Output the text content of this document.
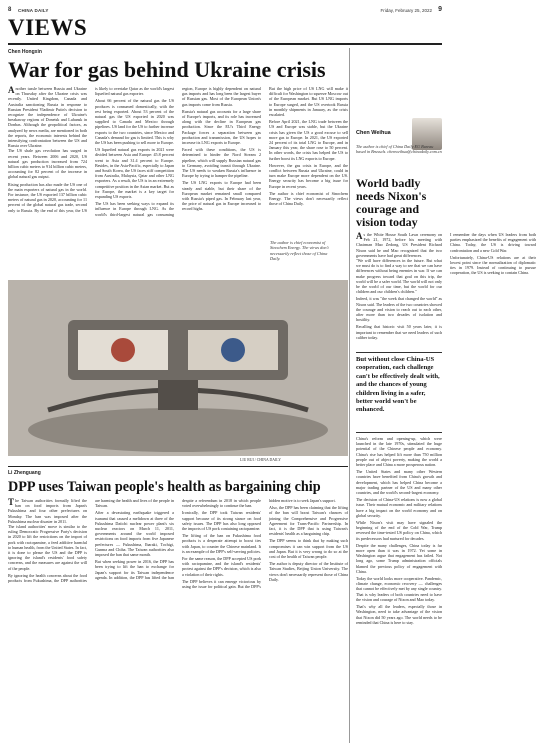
8 CHINA DAILY	Friday, February 25, 2022 9
VIEWS
Chen Hongxin
War for gas behind Ukraine crisis
A nother tussle between Russia and Ukraine on Thursday after the Ukraine crisis was recently. United Kingdom, Canada and Australia sanctioning Russia in response to Russian President Vladimir Putin's decision to recognize the independence of Ukraine's breakaway regions of Donetsk and Luhansk in Donbas. Although the geopolitical factors, as analyzed by news media, are mentioned in both the reports, the economic interests behind the intensifying confrontation between the US and Russia over Ukraine.

The US shale gas revolution has surged in recent years. Between 2006 and 2020, US natural gas production increased from 724 billion cubic meters to 914 billion cubic meters, accounting for 82 percent of the increase in global natural gas output.

Rising production has also made the US one of the main exporters of natural gas in the world. For instance, the US exported 137 billion cubic meters of natural gas in 2020, accounting for 11 percent of the global natural gas trade, second only to Russia. By the end of this year, the US is likely to overtake Qatar as the world's largest liquefied natural gas exporter.

About 66 percent of the natural gas the US produces is consumed domestically, with the rest being exported. About 53 percent of the natural gas the US exported in 2020 was supplied to Canada and Mexico through pipelines. US land for the US to further increase exports to the two countries, since Mexico and Canada's demand for gas is limited. This is why the US has been pushing to sell more to Europe.

US liquefied natural gas exports in 2021 were divided between Asia and Europe: 45.8 percent went to Asia and 31.4 percent to Europe. Besides, in the Asia-Pacific, especially to Japan and South Korea, the US faces stiff competition from Australia, Malaysia, Qatar and other LNG exporters. As a result, the US is in an extremely competitive position in the Asian market. But as for Europe, the market is a key target for expanding US exports.

The US has been seeking ways to expand its influence in Europe through LNG. As the world's third-largest natural gas consuming region, Europe is highly dependent on natural gas imports and has long been the largest buyer of Russian gas. Most of the European Union's gas imports come from Russia.

Russia's natural gas accounts for a large share of Europe's imports, and its role has increased along with the decline in European gas production. Since the EU's Third Energy Package forces a separation between gas production and transmission, the US hopes to increase its LNG exports to Europe.

Faced with these conditions, the US is determined to hinder the Nord Stream 2 pipeline, which will supply Russian natural gas to Germany, avoiding transit through Ukraine. The US needs to weaken Russia's influence in Europe by trying to hamper the pipeline.

The US LNG exports to Europe had been steady and stable, but their share of the European market remained small compared with Russia's piped gas. In February last year, the price of natural gas in Europe increased to record highs.

But the high price of US LNG will make it difficult for Washington to squeeze Moscow out of the European market. But US LNG imports to Europe surged, and the US overtook Russia in monthly shipments in January, as the crisis escalated.

Before April 2021, the LNG trade between the US and Europe was stable, but the Ukraine crisis has given the US a good excuse to sell more gas to Europe. In 2021, the US exported 24 percent of its total LNG to Europe, and in January this year, the share rose to 50 percent. In other words, the crisis has helped the US to further boost its LNG exports to Europe.

However, the gas crisis in Europe, and the conflict between Russia and Ukraine, could in turn make Europe more dependent on the US. Energy security has become a big issue for Europe in recent years.

The author is chief economist of Sinochem Energy. The views don't necessarily reflect those of China Daily.

The author is chief economist of Sinochem Energy. The views don't necessarily reflect those of China Daily.
LIU RUI / CHINA DAILY
Li Zhenguang
DPP uses Taiwan people's health as bargaining chip
T he Taiwan authorities formally lifted the ban on food imports from Japan's Fukushima and four other prefectures on Monday. The ban was imposed after the Fukushima nuclear disaster in 2011.

The island authorities' move is similar to the ruling Democratic Progressive Party's decision in 2020 to lift the restrictions on the import of pork with ractopamine, a feed additive harmful to human health, from the United States. In fact, it is done to please the US and the DPP is ignoring the island's residents' food safety concerns, and the measures are against the will of the people.

By ignoring the health concerns about the food products from Fukushima, the DPP authorities are harming the health and lives of the people in Taiwan.

After a devastating earthquake triggered a tsunami that caused a meltdown at three of the Fukushima Daiichi nuclear power plant's six nuclear reactors on March 11, 2011, governments around the world imposed restrictions on food imports from five Japanese prefectures — Fukushima, Ibaraki, Tochigi, Gunma and Chiba. The Taiwan authorities also imposed the ban that same month.

But when seeking power in 2016, the DPP has been trying to lift the ban to exchange for Japan's support for its Taiwan independence agenda. In addition, the DPP has lifted the ban despite a referendum in 2018 in which people voted overwhelmingly to continue the ban.

Ironically, the DPP took Taiwan residents' support because of its strong stance on food safety issues. The DPP has also long opposed the imports of US pork containing ractopamine.

The lifting of the ban on Fukushima food products is a desperate attempt to boost ties with Japan, to counter the Chinese mainland. It is an example of the DPP's self-serving policies.

For the same reason, the DPP accepted US pork with ractopamine, and the island's residents' protest against the DPP's decision, which is also a violation of their rights.

The DPP believes it can emerge victorious by using the issue for political gain. But the DPP's hidden motive is to seek Japan's support.

Also, the DPP has been claiming that the lifting of the ban will boost Taiwan's chances of joining the Comprehensive and Progressive Agreement for Trans-Pacific Partnership. In fact, it is the DPP that is using Taiwan's residents' health as a bargaining chip.

The DPP seems to think that by making such compromises it can win support from the US and Japan. But it is very wrong to do so at the cost of the health of Taiwan people.

The author is deputy director of the Institute of Taiwan Studies, Beijing Union University. The views don't necessarily represent those of China Daily.

Chen Weihua
The author is chief of China Daily EU Bureau based in Brussels. chenweihua@chinadaily.com.cn
World badly needs Nixon's courage and vision today
A s the White House South Lawn ceremony on Feb 21, 1972, before his meeting with Chairman Mao Zedong, US President Richard Nixon said he and Mao recognized that the two governments have had great differences.

"We will have differences in the future. But what we must do is to find a way to see that we can have differences without being enemies in war. If we can make progress toward that goal on this trip, the world will be a safer world. The world will not only be the world of our time, but the world for our children and our children's children."

Indeed, it was "the week that changed the world" as Nixon said. The leaders of the two countries showed the courage and vision to reach out to each other, after more than two decades of isolation and hostility.

Recalling that historic visit 50 years later, it is important to remember that we need leaders of such caliber today.

I remember the days when US leaders from both parties emphasized the benefits of engagement with China. Today, the US is driving toward confrontation and a new Cold War.

Unfortunately, China-US relations are at their lowest point since the normalization of diplomatic ties in 1979. Instead of continuing to pursue cooperation, the US is seeking to contain China.

But without close China-US cooperation, each challenge can't be effectively dealt with, and the chances of young children living in a safer, better world won't be enhanced.

China's reform and opening-up, which were launched in the late 1970s, stimulated the huge potential of the Chinese people and economy. China's rise has helped lift more than 750 million people out of abject poverty, making the world a better place and China a more prosperous nation.

The United States and many other Western countries have benefited from China's growth and development, which has helped China become a major trading partner of the US and many other countries, and the world's second-largest economy.

The decision of China-US relations is now a global issue. Their mutual economic and military relations have a big impact on the world economy and on global security.

While Nixon's visit may have signaled the beginning of the end of the Cold War, Trump reversed the time-tested US policy on China, which its predecessors had nurtured for decades.

Despite the many challenges, China today is far more open than it was in 1972. Yet some in Washington argue that engagement has failed. Not long ago, some Trump administration officials blamed the previous policy of engagement with China.

Today the world looks more cooperative. Pandemic, climate change, economic recovery — challenges that cannot be effectively met by any single country. That is why leaders of both countries need to have the vision and courage of Nixon and Mao today.

That's why all the leaders, especially those in Washington, need to take advantage of the vision that Nixon did 50 years ago. The world needs to be reminded that China is here to stay.
